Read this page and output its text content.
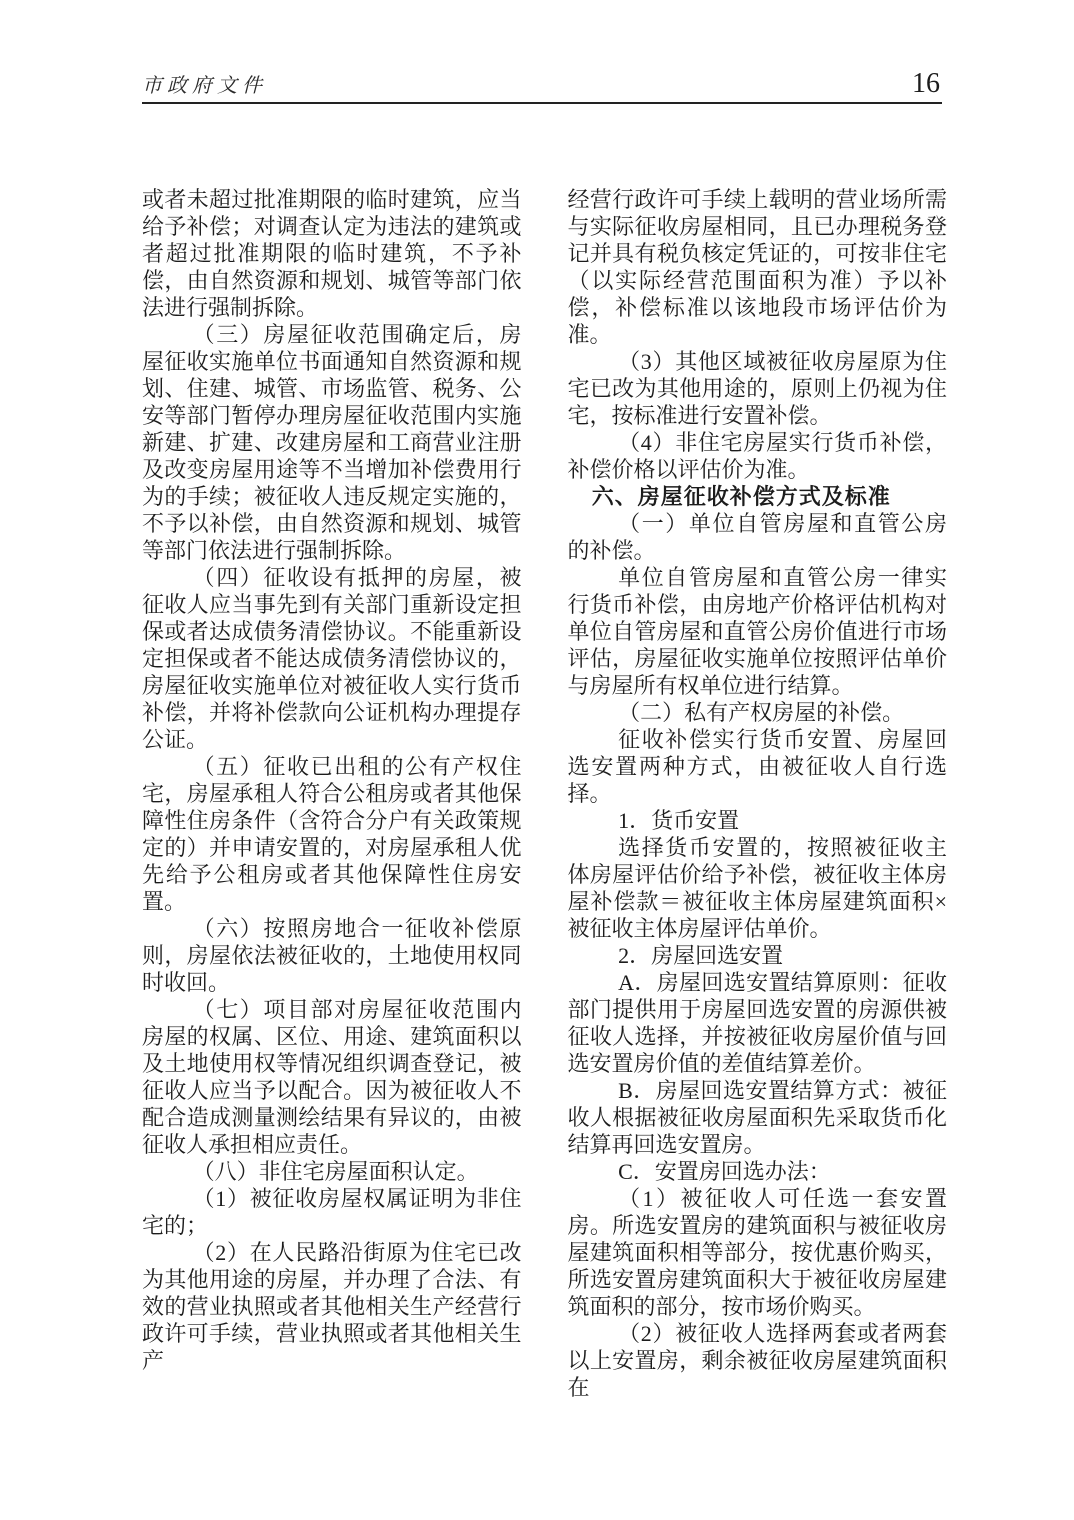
市政府文件	16

或者未超过批准期限的临时建筑，应当给予补偿；对调查认定为违法的建筑或者超过批准期限的临时建筑，不予补偿，由自然资源和规划、城管等部门依法进行强制拆除。

（三）房屋征收范围确定后，房屋征收实施单位书面通知自然资源和规划、住建、城管、市场监管、税务、公安等部门暂停办理房屋征收范围内实施新建、扩建、改建房屋和工商营业注册及改变房屋用途等不当增加补偿费用行为的手续；被征收人违反规定实施的，不予以补偿，由自然资源和规划、城管等部门依法进行强制拆除。

（四）征收设有抵押的房屋，被征收人应当事先到有关部门重新设定担保或者达成债务清偿协议。不能重新设定担保或者不能达成债务清偿协议的，房屋征收实施单位对被征收人实行货币补偿，并将补偿款向公证机构办理提存公证。

（五）征收已出租的公有产权住宅，房屋承租人符合公租房或者其他保障性住房条件（含符合分户有关政策规定的）并申请安置的，对房屋承租人优先给予公租房或者其他保障性住房安置。

（六）按照房地合一征收补偿原则，房屋依法被征收的，土地使用权同时收回。

（七）项目部对房屋征收范围内房屋的权属、区位、用途、建筑面积以及土地使用权等情况组织调查登记，被征收人应当予以配合。因为被征收人不配合造成测量测绘结果有异议的，由被征收人承担相应责任。

（八）非住宅房屋面积认定。

（1）被征收房屋权属证明为非住宅的；

（2）在人民路沿街原为住宅已改为其他用途的房屋，并办理了合法、有效的营业执照或者其他相关生产经营行政许可手续，营业执照或者其他相关生产

经营行政许可手续上载明的营业场所需与实际征收房屋相同，且已办理税务登记并具有税负核定凭证的，可按非住宅（以实际经营范围面积为准）予以补偿，补偿标准以该地段市场评估价为准。

（3）其他区域被征收房屋原为住宅已改为其他用途的，原则上仍视为住宅，按标准进行安置补偿。

（4）非住宅房屋实行货币补偿，补偿价格以评估价为准。

六、房屋征收补偿方式及标准

（一）单位自管房屋和直管公房的补偿。

单位自管房屋和直管公房一律实行货币补偿，由房地产价格评估机构对单位自管房屋和直管公房价值进行市场评估，房屋征收实施单位按照评估单价与房屋所有权单位进行结算。

（二）私有产权房屋的补偿。

征收补偿实行货币安置、房屋回选安置两种方式，由被征收人自行选择。

1．货币安置

选择货币安置的，按照被征收主体房屋评估价给予补偿，被征收主体房屋补偿款＝被征收主体房屋建筑面积×被征收主体房屋评估单价。

2．房屋回选安置

A．房屋回选安置结算原则：征收部门提供用于房屋回选安置的房源供被征收人选择，并按被征收房屋价值与回选安置房价值的差值结算差价。

B．房屋回选安置结算方式：被征收人根据被征收房屋面积先采取货币化结算再回选安置房。

C．安置房回选办法：

（1）被征收人可任选一套安置房。所选安置房的建筑面积与被征收房屋建筑面积相等部分，按优惠价购买，所选安置房建筑面积大于被征收房屋建筑面积的部分，按市场价购买。

（2）被征收人选择两套或者两套以上安置房，剩余被征收房屋建筑面积在
